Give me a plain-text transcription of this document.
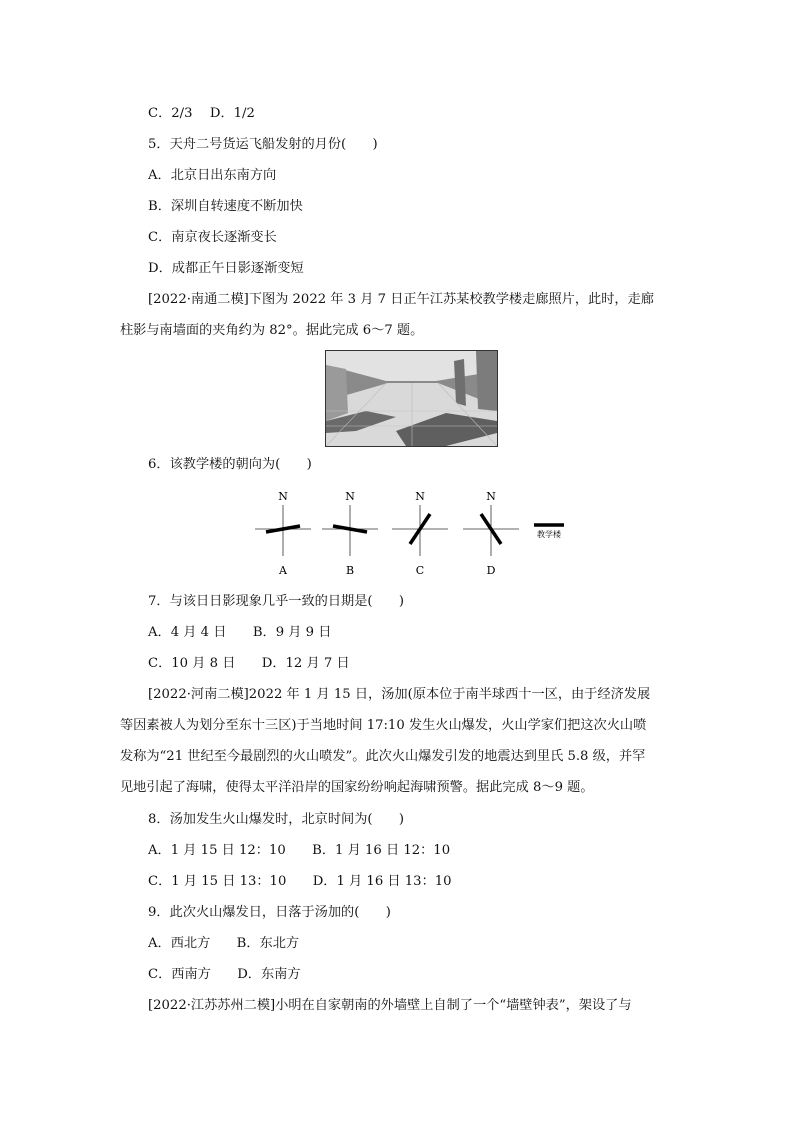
C．2/3　 D．1/2
5．天舟二号货运飞船发射的月份(　　)
A．北京日出东南方向
B．深圳自转速度不断加快
C．南京夜长逐渐变长
D．成都正午日影逐渐变短
[2022·南通二模]下图为 2022 年 3 月 7 日正午江苏某校教学楼走廊照片，此时，走廊
柱影与南墙面的夹角约为 82°。据此完成 6～7 题。
6．该教学楼的朝向为(　　)
N
A
N
B
N
C
N
D
教学楼
7．与该日日影现象几乎一致的日期是(　　)
A．4 月 4 日　　B．9 月 9 日
C．10 月 8 日　　D．12 月 7 日
[2022·河南二模]2022 年 1 月 15 日，汤加(原本位于南半球西十一区，由于经济发展
等因素被人为划分至东十三区)于当地时间 17:10 发生火山爆发，火山学家们把这次火山喷
发称为“21 世纪至今最剧烈的火山喷发”。此次火山爆发引发的地震达到里氏 5.8 级，并罕
见地引起了海啸，使得太平洋沿岸的国家纷纷响起海啸预警。据此完成 8～9 题。
8．汤加发生火山爆发时，北京时间为(　　)
A．1 月 15 日 12：10　　B．1 月 16 日 12：10
C．1 月 15 日 13：10　　D．1 月 16 日 13：10
9．此次火山爆发日，日落于汤加的(　　)
A．西北方　　B．东北方
C．西南方　　D．东南方
[2022·江苏苏州二模]小明在自家朝南的外墙壁上自制了一个“墙壁钟表”，架设了与
